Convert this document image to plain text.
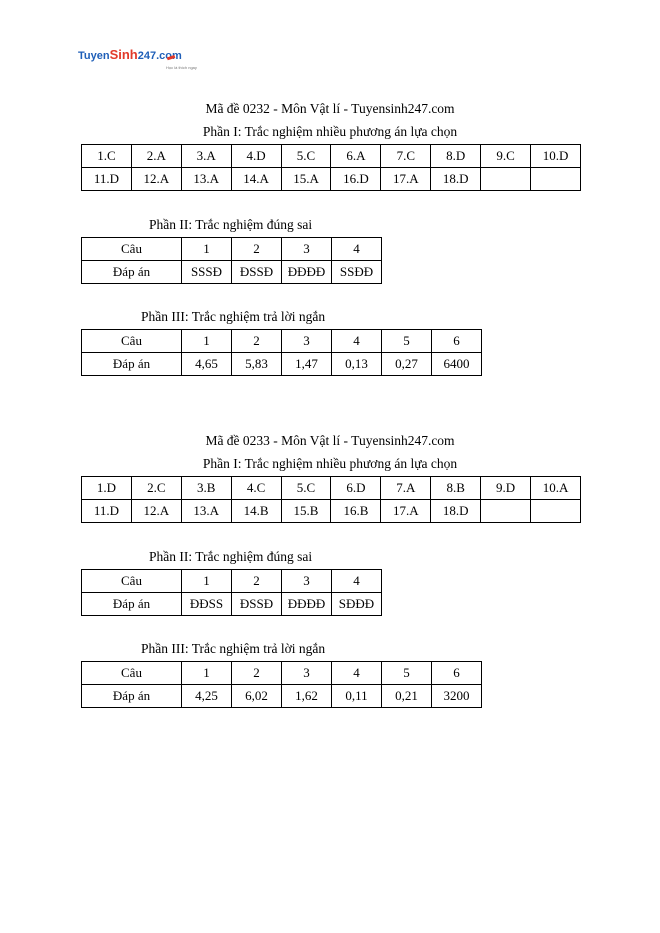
TuyenSinh247.com
Học là thích ngay
Mã đề 0232 - Môn Vật lí - Tuyensinh247.com
Phần I: Trắc nghiệm nhiều phương án lựa chọn
1.C	2.A	3.A	4.D	5.C	6.A	7.C	8.D	9.C	10.D
11.D	12.A	13.A	14.A	15.A	16.D	17.A	18.D		
Phần II: Trắc nghiệm đúng sai
Câu	1	2	3	4
Đáp án	SSSĐ	ĐSSĐ	ĐĐĐĐ	SSĐĐ
Phần III: Trắc nghiệm trả lời ngắn
Câu	1	2	3	4	5	6
Đáp án	4,65	5,83	1,47	0,13	0,27	6400
Mã đề 0233 - Môn Vật lí - Tuyensinh247.com
Phần I: Trắc nghiệm nhiều phương án lựa chọn
1.D	2.C	3.B	4.C	5.C	6.D	7.A	8.B	9.D	10.A
11.D	12.A	13.A	14.B	15.B	16.B	17.A	18.D		
Phần II: Trắc nghiệm đúng sai
Câu	1	2	3	4
Đáp án	ĐĐSS	ĐSSĐ	ĐĐĐĐ	SĐĐĐ
Phần III: Trắc nghiệm trả lời ngắn
Câu	1	2	3	4	5	6
Đáp án	4,25	6,02	1,62	0,11	0,21	3200
